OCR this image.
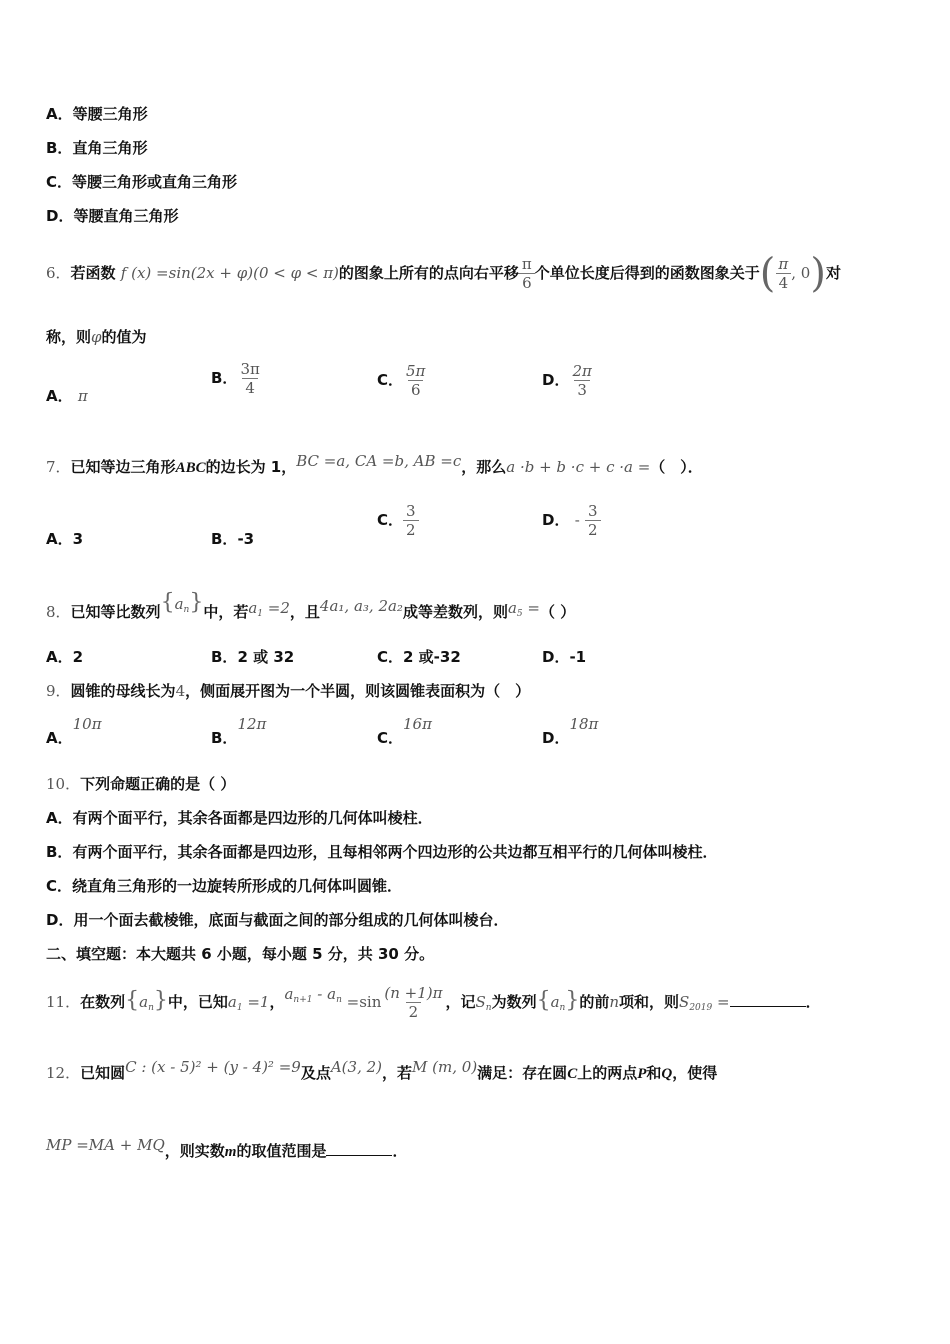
A．等腰三角形
B．直角三角形
C．等腰三角形或直角三角形
D．等腰直角三角形
6．若函数 f (x) =sin(2x + φ)(0 < φ < π)的图象上所有的点向右平移 $\frac{\pi}{6}$ 个单位长度后得到的函数图象关于( $\frac{\pi}{4}$ , 0)对
称，则φ的值为
A． π
B． $\frac{3\pi}{4}$	C． $\frac{5\pi}{6}$	D． $\frac{2\pi}{3}$
7．已知等边三角形ABC的边长为 1，BC =a, CA =b, AB =c，那么a ·b + b ·c + c ·a =（　）．
A．3	B．-3
C． $\frac{3}{2}$	D． - $\frac{3}{2}$
8．已知等比数列$\{a_n\}$中，若$a_1 =2$，且4a₁, a₃, 2a₂成等差数列，则$a_5$ =（ ）
A．2	B．2 或 32	C．2 或-32	D．-1
9．圆锥的母线长为4，侧面展开图为一个半圆，则该圆锥表面积为（　）
A．10π
B．12π
C．16π
D．18π
10．下列命题正确的是（ ）
A．有两个面平行，其余各面都是四边形的几何体叫棱柱．
B．有两个面平行，其余各面都是四边形，且每相邻两个四边形的公共边都互相平行的几何体叫棱柱．
C．绕直角三角形的一边旋转所形成的几何体叫圆锥．
D．用一个面去截棱锥，底面与截面之间的部分组成的几何体叫棱台．
二、填空题：本大题共 6 小题，每小题 5 分，共 30 分。
11．在数列$\{a_n\}$中，已知$a_1 =1$，$a_{n+1} - a_n =\sin \frac{(n +1)\pi}{2}$ ，记$S_n$为数列$\{a_n\}$的前n项和，则$S_{2019}$ =	．
12．已知圆C : (x - 5)² + (y - 4)² =9及点A(3, 2)，若M (m, 0)满足：存在圆C上的两点P和Q，使得
MP =MA + MQ，则实数m的取值范围是	．
